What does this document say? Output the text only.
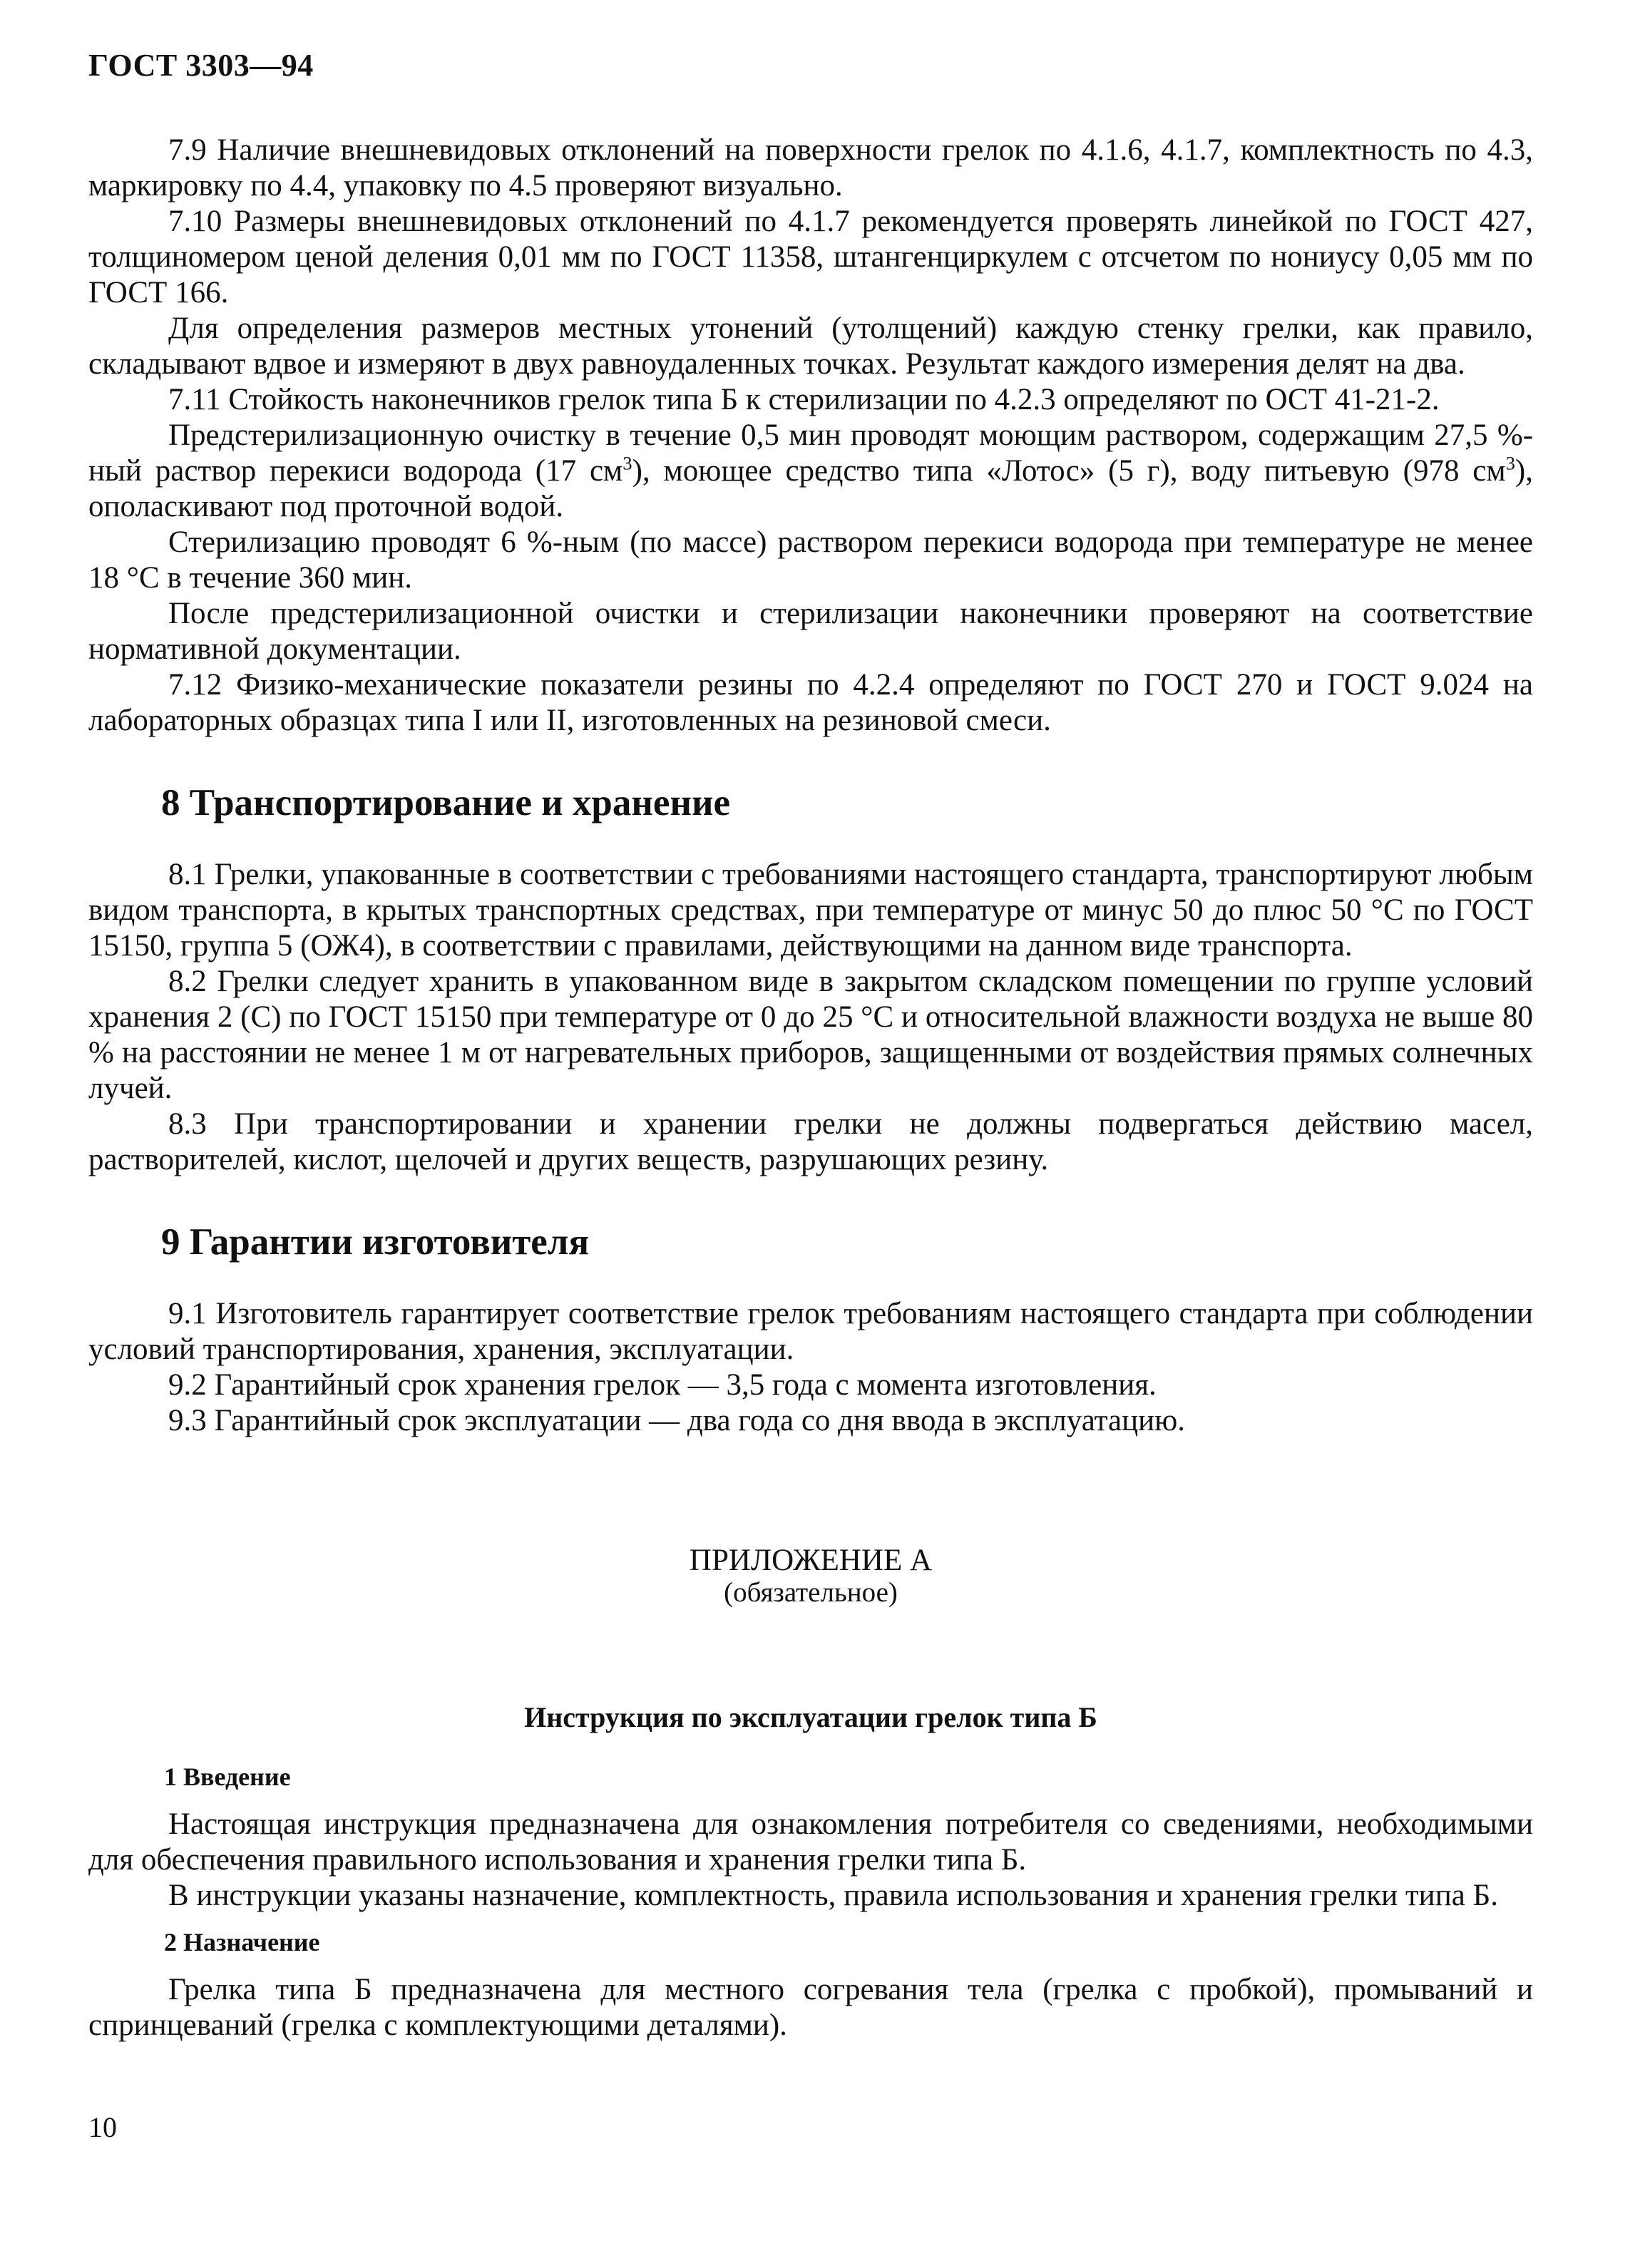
ГОСТ 3303—94

7.9 Наличие внешневидовых отклонений на поверхности грелок по 4.1.6, 4.1.7, комплектность по 4.3, маркировку по 4.4, упаковку по 4.5 проверяют визуально.

7.10 Размеры внешневидовых отклонений по 4.1.7 рекомендуется проверять линейкой по ГОСТ 427, толщиномером ценой деления 0,01 мм по ГОСТ 11358, штангенциркулем с отсчетом по нониусу 0,05 мм по ГОСТ 166.

Для определения размеров местных утонений (утолщений) каждую стенку грелки, как правило, складывают вдвое и измеряют в двух равноудаленных точках. Результат каждого измерения делят на два.

7.11 Стойкость наконечников грелок типа Б к стерилизации по 4.2.3 определяют по ОСТ 41-21-2.

Предстерилизационную очистку в течение 0,5 мин проводят моющим раствором, содержащим 27,5 %-ный раствор перекиси водорода (17 $см^3$), моющее средство типа «Лотос» (5 г), воду питьевую (978 $см^3$), ополаскивают под проточной водой.

Стерилизацию проводят 6 %-ным (по массе) раствором перекиси водорода при температуре не менее 18 °С в течение 360 мин.

После предстерилизационной очистки и стерилизации наконечники проверяют на соответствие нормативной документации.

7.12 Физико-механические показатели резины по 4.2.4 определяют по ГОСТ 270 и ГОСТ 9.024 на лабораторных образцах типа I или II, изготовленных на резиновой смеси.

8 Транспортирование и хранение

8.1 Грелки, упакованные в соответствии с требованиями настоящего стандарта, транспортируют любым видом транспорта, в крытых транспортных средствах, при температуре от минус 50 до плюс 50 °С по ГОСТ 15150, группа 5 (ОЖ4), в соответствии с правилами, действующими на данном виде транспорта.

8.2 Грелки следует хранить в упакованном виде в закрытом складском помещении по группе условий хранения 2 (С) по ГОСТ 15150 при температуре от 0 до 25 °С и относительной влажности воздуха не выше 80 % на расстоянии не менее 1 м от нагревательных приборов, защищенными от воздействия прямых солнечных лучей.

8.3 При транспортировании и хранении грелки не должны подвергаться действию масел, растворителей, кислот, щелочей и других веществ, разрушающих резину.

9 Гарантии изготовителя

9.1 Изготовитель гарантирует соответствие грелок требованиям настоящего стандарта при соблюдении условий транспортирования, хранения, эксплуатации.

9.2 Гарантийный срок хранения грелок — 3,5 года с момента изготовления.

9.3 Гарантийный срок эксплуатации — два года со дня ввода в эксплуатацию.

ПРИЛОЖЕНИЕ А
(обязательное)
Инструкция по эксплуатации грелок типа Б
1 Введение

Настоящая инструкция предназначена для ознакомления потребителя со сведениями, необходимыми для обеспечения правильного использования и хранения грелки типа Б.

В инструкции указаны назначение, комплектность, правила использования и хранения грелки типа Б.

2 Назначение

Грелка типа Б предназначена для местного согревания тела (грелка с пробкой), промываний и спринцеваний (грелка с комплектующими деталями).

10
